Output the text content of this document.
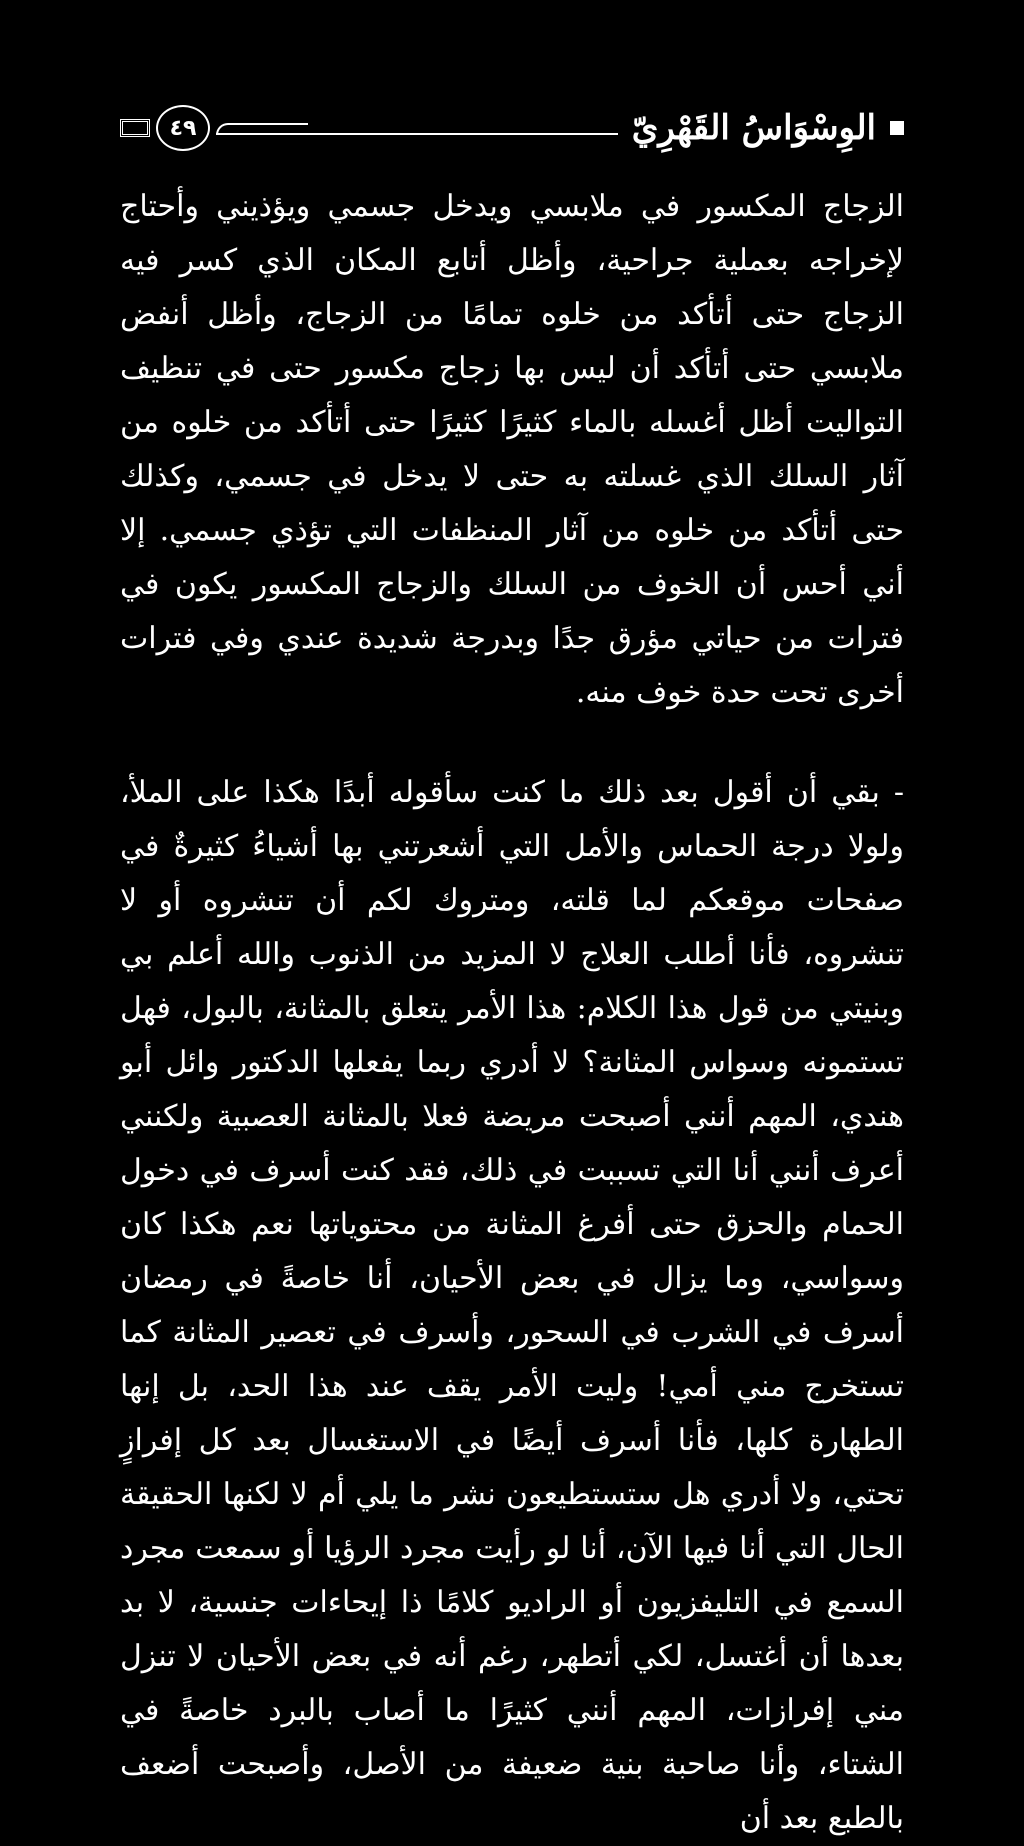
٤٩	الوِسْوَاسُ القَهْرِيّ

الزجاج المكسور في ملابسي ويدخل جسمي ويؤذيني وأحتاج لإخراجه بعملية جراحية، وأظل أتابع المكان الذي كسر فيه الزجاج حتى أتأكد من خلوه تمامًا من الزجاج، وأظل أنفض ملابسي حتى أتأكد أن ليس بها زجاج مكسور حتى في تنظيف التواليت أظل أغسله بالماء كثيرًا كثيرًا حتى أتأكد من خلوه من آثار السلك الذي غسلته به حتى لا يدخل في جسمي، وكذلك حتى أتأكد من خلوه من آثار المنظفات التي تؤذي جسمي. إلا أني أحس أن الخوف من السلك والزجاج المكسور يكون في فترات من حياتي مؤرق جدًا وبدرجة شديدة عندي وفي فترات أخرى تحت حدة خوف منه.

- بقي أن أقول بعد ذلك ما كنت سأقوله أبدًا هكذا على الملأ، ولولا درجة الحماس والأمل التي أشعرتني بها أشياءُ كثيرةٌ في صفحات موقعكم لما قلته، ومتروك لكم أن تنشروه أو لا تنشروه، فأنا أطلب العلاج لا المزيد من الذنوب والله أعلم بي وبنيتي من قول هذا الكلام: هذا الأمر يتعلق بالمثانة، بالبول، فهل تستمونه وسواس المثانة؟ لا أدري ربما يفعلها الدكتور وائل أبو هندي، المهم أنني أصبحت مريضة فعلا بالمثانة العصبية ولكنني أعرف أنني أنا التي تسببت في ذلك، فقد كنت أسرف في دخول الحمام والحزق حتى أفرغ المثانة من محتوياتها نعم هكذا كان وسواسي، وما يزال في بعض الأحيان، أنا خاصةً في رمضان أسرف في الشرب في السحور، وأسرف في تعصير المثانة كما تستخرج مني أمي! وليت الأمر يقف عند هذا الحد، بل إنها الطهارة كلها، فأنا أسرف أيضًا في الاستغسال بعد كل إفرازٍ تحتي، ولا أدري هل ستستطيعون نشر ما يلي أم لا لكنها الحقيقة الحال التي أنا فيها الآن، أنا لو رأيت مجرد الرؤيا أو سمعت مجرد السمع في التليفزيون أو الراديو كلامًا ذا إيحاءات جنسية، لا بد بعدها أن أغتسل، لكي أتطهر، رغم أنه في بعض الأحيان لا تنزل مني إفرازات، المهم أنني كثيرًا ما أصاب بالبرد خاصةً في الشتاء، وأنا صاحبة بنية ضعيفة من الأصل، وأصبحت أضعف بالطبع بعد أن
